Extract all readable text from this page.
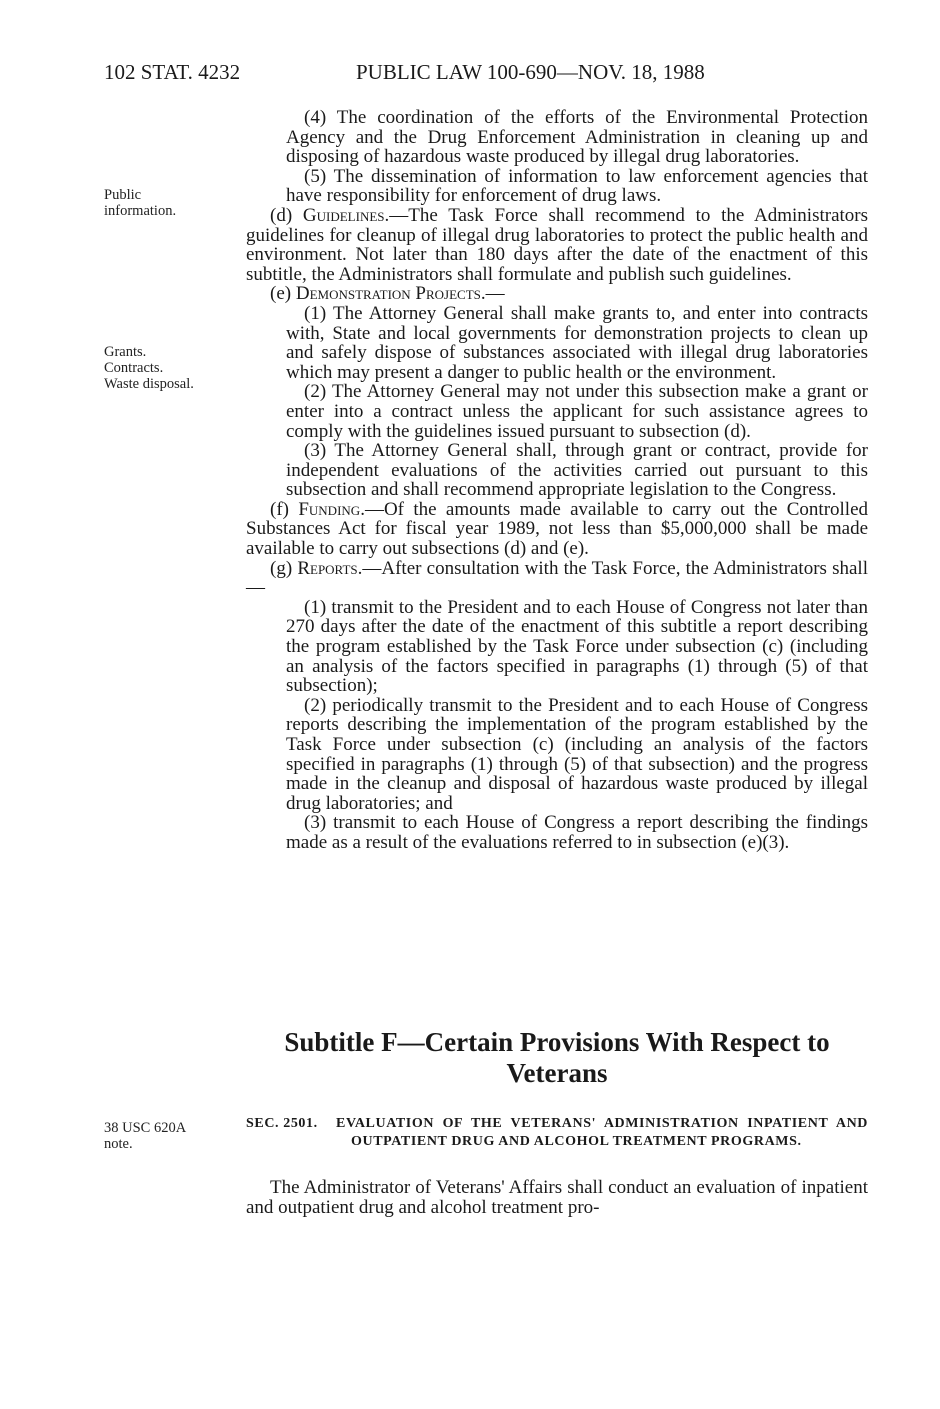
102 STAT. 4232	PUBLIC LAW 100-690—NOV. 18, 1988
Public
information.
Grants.
Contracts.
Waste disposal.
38 USC 620A
note.

(4) The coordination of the efforts of the Environmental Protection Agency and the Drug Enforcement Administration in cleaning up and disposing of hazardous waste produced by illegal drug laboratories.

(5) The dissemination of information to law enforcement agencies that have responsibility for enforcement of drug laws.

(d) Guidelines.—The Task Force shall recommend to the Administrators guidelines for cleanup of illegal drug laboratories to protect the public health and environment. Not later than 180 days after the date of the enactment of this subtitle, the Administrators shall formulate and publish such guidelines.

(e) Demonstration Projects.—

(1) The Attorney General shall make grants to, and enter into contracts with, State and local governments for demonstration projects to clean up and safely dispose of substances associated with illegal drug laboratories which may present a danger to public health or the environment.

(2) The Attorney General may not under this subsection make a grant or enter into a contract unless the applicant for such assistance agrees to comply with the guidelines issued pursuant to subsection (d).

(3) The Attorney General shall, through grant or contract, provide for independent evaluations of the activities carried out pursuant to this subsection and shall recommend appropriate legislation to the Congress.

(f) Funding.—Of the amounts made available to carry out the Controlled Substances Act for fiscal year 1989, not less than $5,000,000 shall be made available to carry out subsections (d) and (e).

(g) Reports.—After consultation with the Task Force, the Administrators shall—

(1) transmit to the President and to each House of Congress not later than 270 days after the date of the enactment of this subtitle a report describing the program established by the Task Force under subsection (c) (including an analysis of the factors specified in paragraphs (1) through (5) of that subsection);

(2) periodically transmit to the President and to each House of Congress reports describing the implementation of the program established by the Task Force under subsection (c) (including an analysis of the factors specified in paragraphs (1) through (5) of that subsection) and the progress made in the cleanup and disposal of hazardous waste produced by illegal drug laboratories; and

(3) transmit to each House of Congress a report describing the findings made as a result of the evaluations referred to in subsection (e)(3).

Subtitle F—Certain Provisions With Respect to
Veterans
SEC. 2501.	EVALUATION OF THE VETERANS' ADMINISTRATION INPATIENT AND OUTPATIENT DRUG AND ALCOHOL TREATMENT PROGRAMS.

The Administrator of Veterans' Affairs shall conduct an evaluation of inpatient and outpatient drug and alcohol treatment pro-
